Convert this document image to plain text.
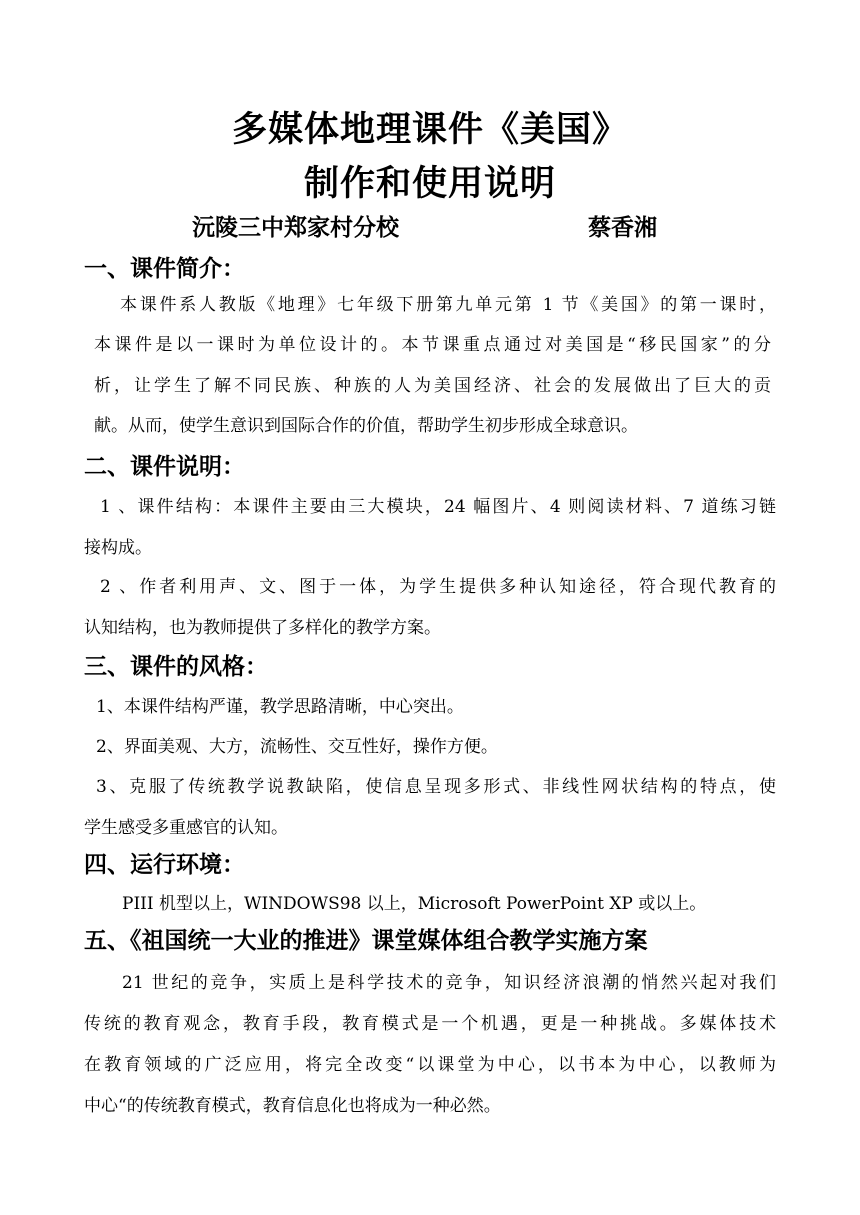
多媒体地理课件《美国》
制作和使用说明
沅陵三中郑家村分校	蔡香湘
一、课件简介：
本课件系人教版《地理》七年级下册第九单元第 1 节《美国》的第一课时，
本课件是以一课时为单位设计的。本节课重点通过对美国是“移民国家”的分
析，让学生了解不同民族、种族的人为美国经济、社会的发展做出了巨大的贡
献。从而，使学生意识到国际合作的价值，帮助学生初步形成全球意识。
二、课件说明：
1 、课件结构：本课件主要由三大模块，24 幅图片、4 则阅读材料、7 道练习链
接构成。
2 、作者利用声、文、图于一体，为学生提供多种认知途径，符合现代教育的
认知结构，也为教师提供了多样化的教学方案。
三、课件的风格：
1、本课件结构严谨，教学思路清晰，中心突出。
2、界面美观、大方，流畅性、交互性好，操作方便。
3、克服了传统教学说教缺陷，使信息呈现多形式、非线性网状结构的特点，使
学生感受多重感官的认知。
四、运行环境：
PIII 机型以上，WINDOWS98 以上，Microsoft PowerPoint XP 或以上。
五、《祖国统一大业的推进》课堂媒体组合教学实施方案
21 世纪的竞争，实质上是科学技术的竞争，知识经济浪潮的悄然兴起对我们
传统的教育观念，教育手段，教育模式是一个机遇，更是一种挑战。多媒体技术
在教育领域的广泛应用，将完全改变“以课堂为中心，以书本为中心，以教师为
中心“的传统教育模式，教育信息化也将成为一种必然。
